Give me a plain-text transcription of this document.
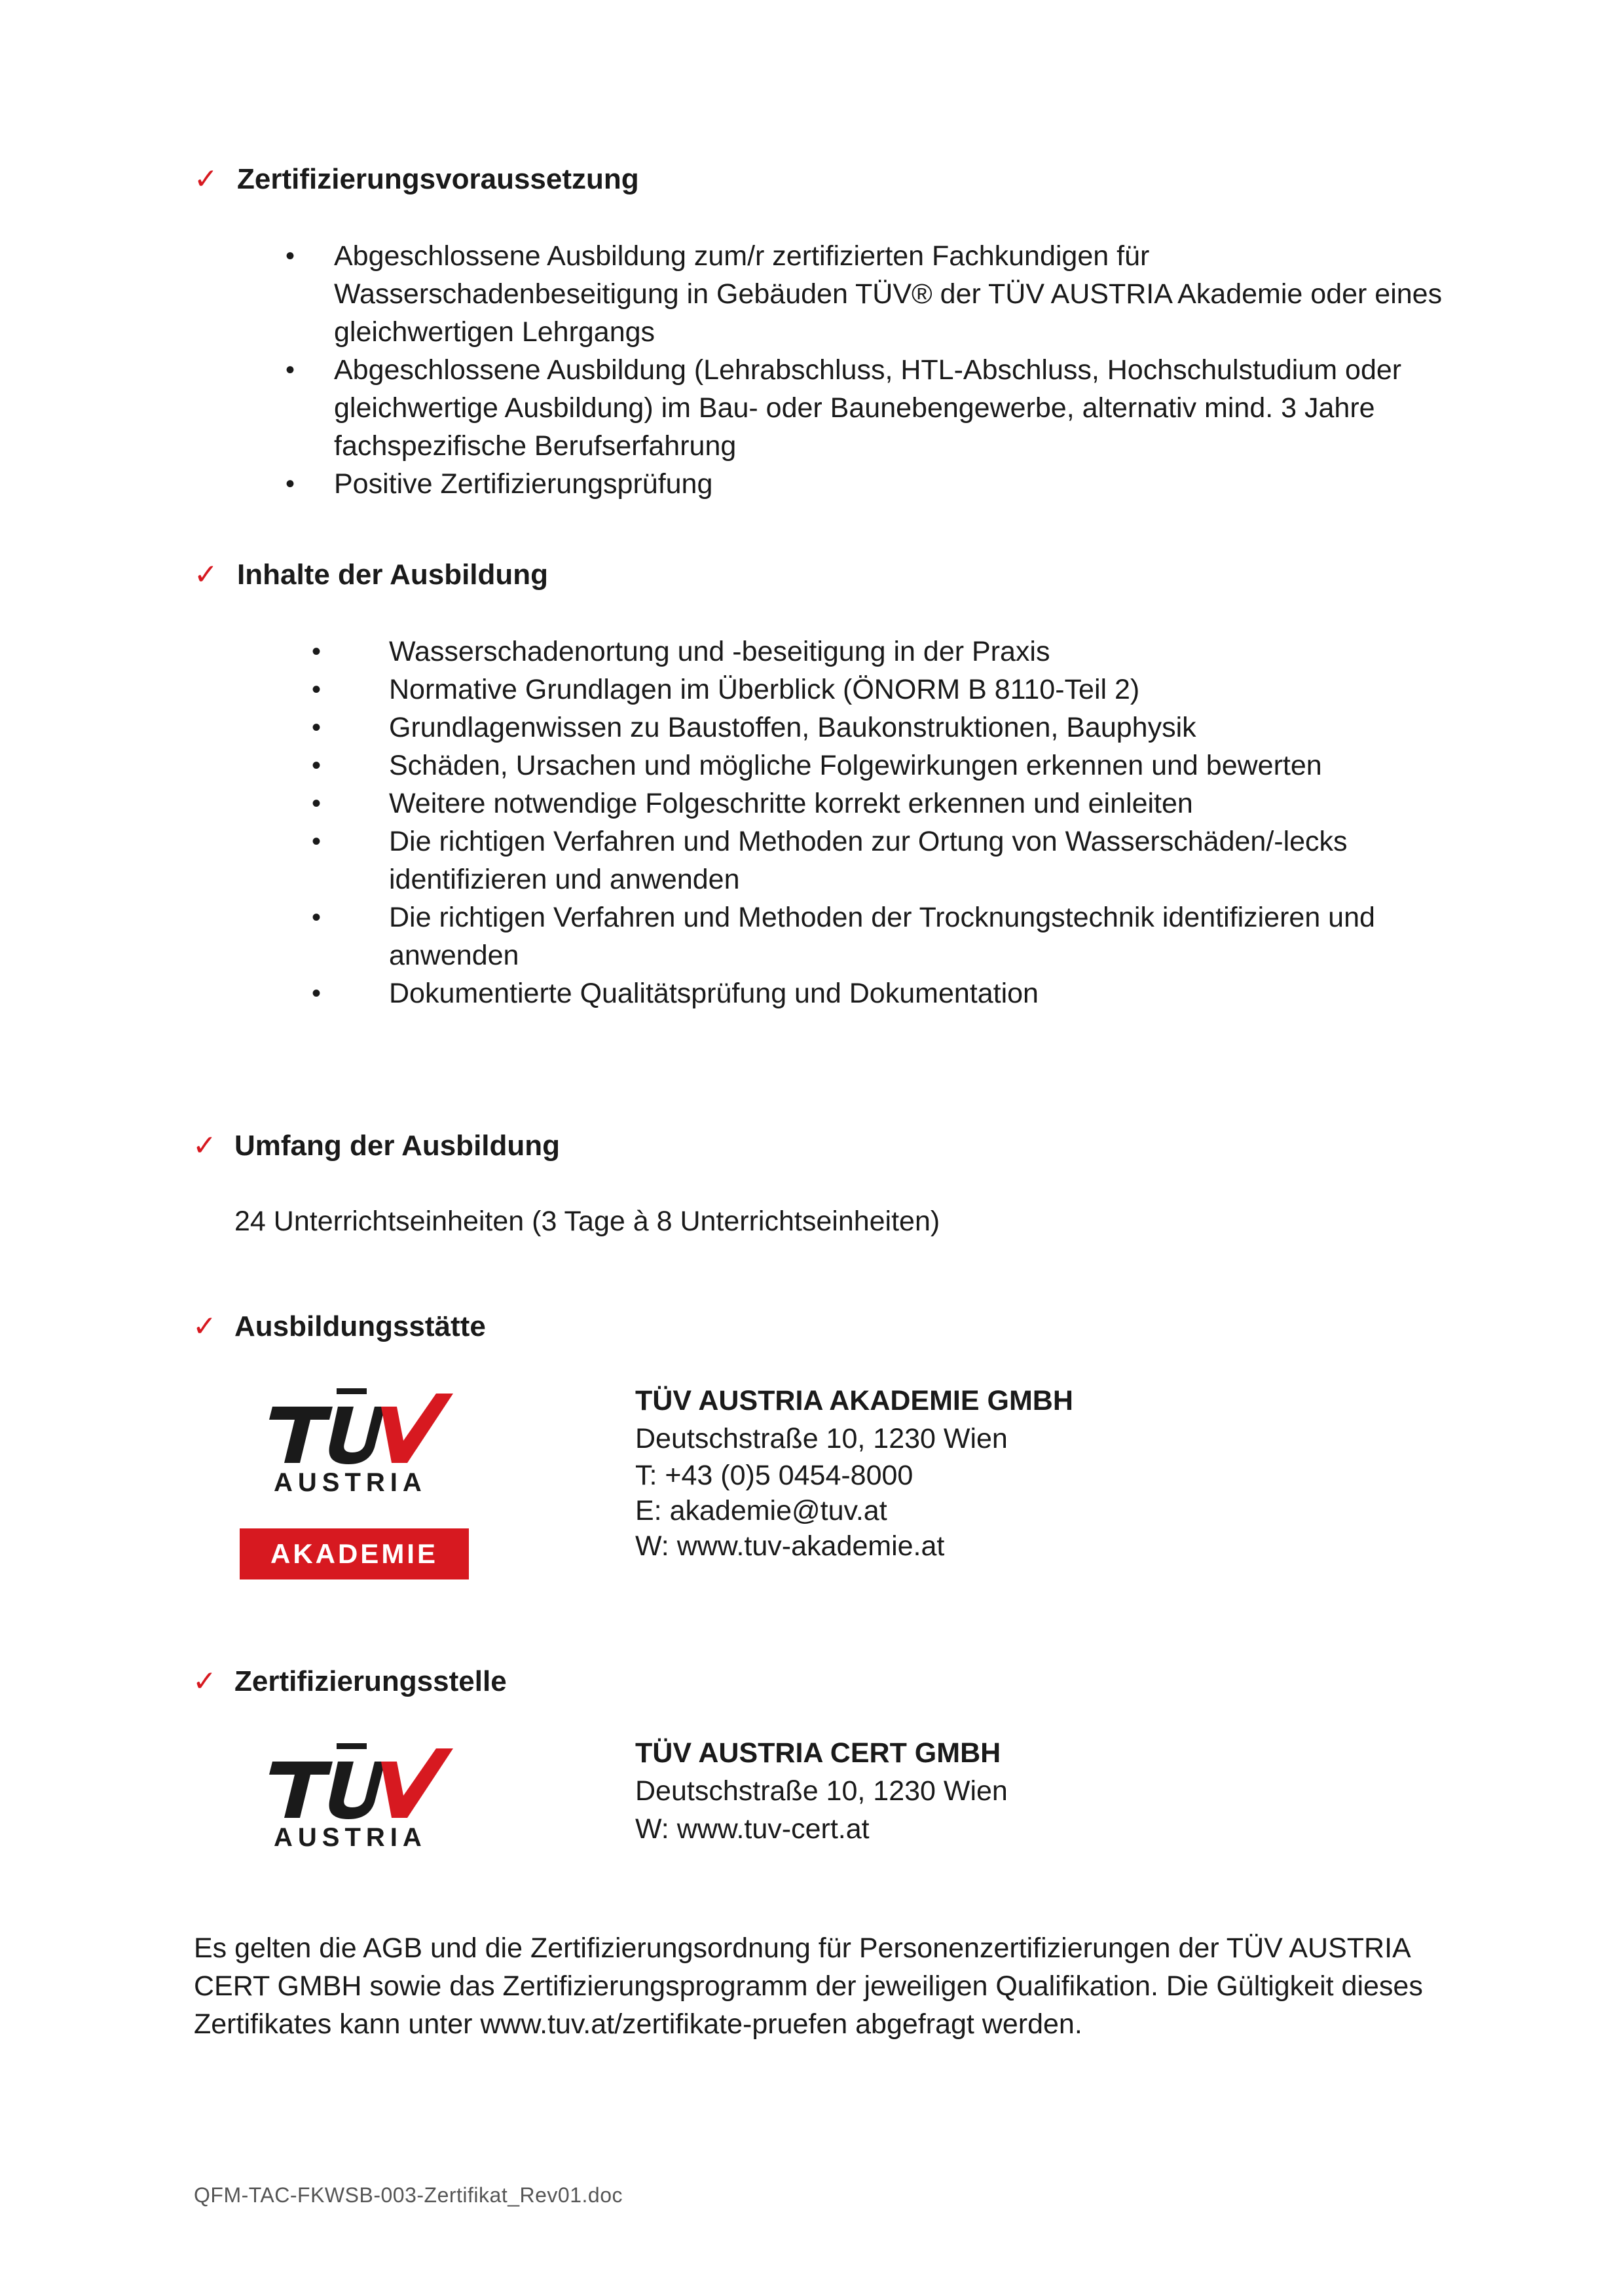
✓ Zertifizierungsvoraussetzung
• Abgeschlossene Ausbildung zum/r zertifizierten Fachkundigen für Wasserschadenbeseitigung in Gebäuden TÜV® der TÜV AUSTRIA Akademie oder eines gleichwertigen Lehrgangs
• Abgeschlossene Ausbildung (Lehrabschluss, HTL-Abschluss, Hochschulstudium oder gleichwertige Ausbildung) im Bau- oder Baunebengewerbe, alternativ mind. 3 Jahre fachspezifische Berufserfahrung
• Positive Zertifizierungsprüfung
✓ Inhalte der Ausbildung
• Wasserschadenortung und -beseitigung in der Praxis
• Normative Grundlagen im Überblick (ÖNORM B 8110-Teil 2)
• Grundlagenwissen zu Baustoffen, Baukonstruktionen, Bauphysik
• Schäden, Ursachen und mögliche Folgewirkungen erkennen und bewerten
• Weitere notwendige Folgeschritte korrekt erkennen und einleiten
• Die richtigen Verfahren und Methoden zur Ortung von Wasserschäden/-lecks identifizieren und anwenden
• Die richtigen Verfahren und Methoden der Trocknungstechnik identifizieren und anwenden
• Dokumentierte Qualitätsprüfung und Dokumentation
✓ Umfang der Ausbildung
24 Unterrichtseinheiten (3 Tage à 8 Unterrichtseinheiten)
✓ Ausbildungsstätte
AUSTRIA
AKADEMIE
TÜV AUSTRIA AKADEMIE GMBH
Deutschstraße 10, 1230 Wien
T: +43 (0)5 0454-8000
E: akademie@tuv.at
W: www.tuv-akademie.at
✓ Zertifizierungsstelle
AUSTRIA
TÜV AUSTRIA CERT GMBH
Deutschstraße 10, 1230 Wien
W: www.tuv-cert.at
Es gelten die AGB und die Zertifizierungsordnung für Personenzertifizierungen der TÜV AUSTRIA CERT GMBH sowie das Zertifizierungsprogramm der jeweiligen Qualifikation. Die Gültigkeit dieses Zertifikates kann unter www.tuv.at/zertifikate-pruefen abgefragt werden.
QFM-TAC-FKWSB-003-Zertifikat_Rev01.doc
